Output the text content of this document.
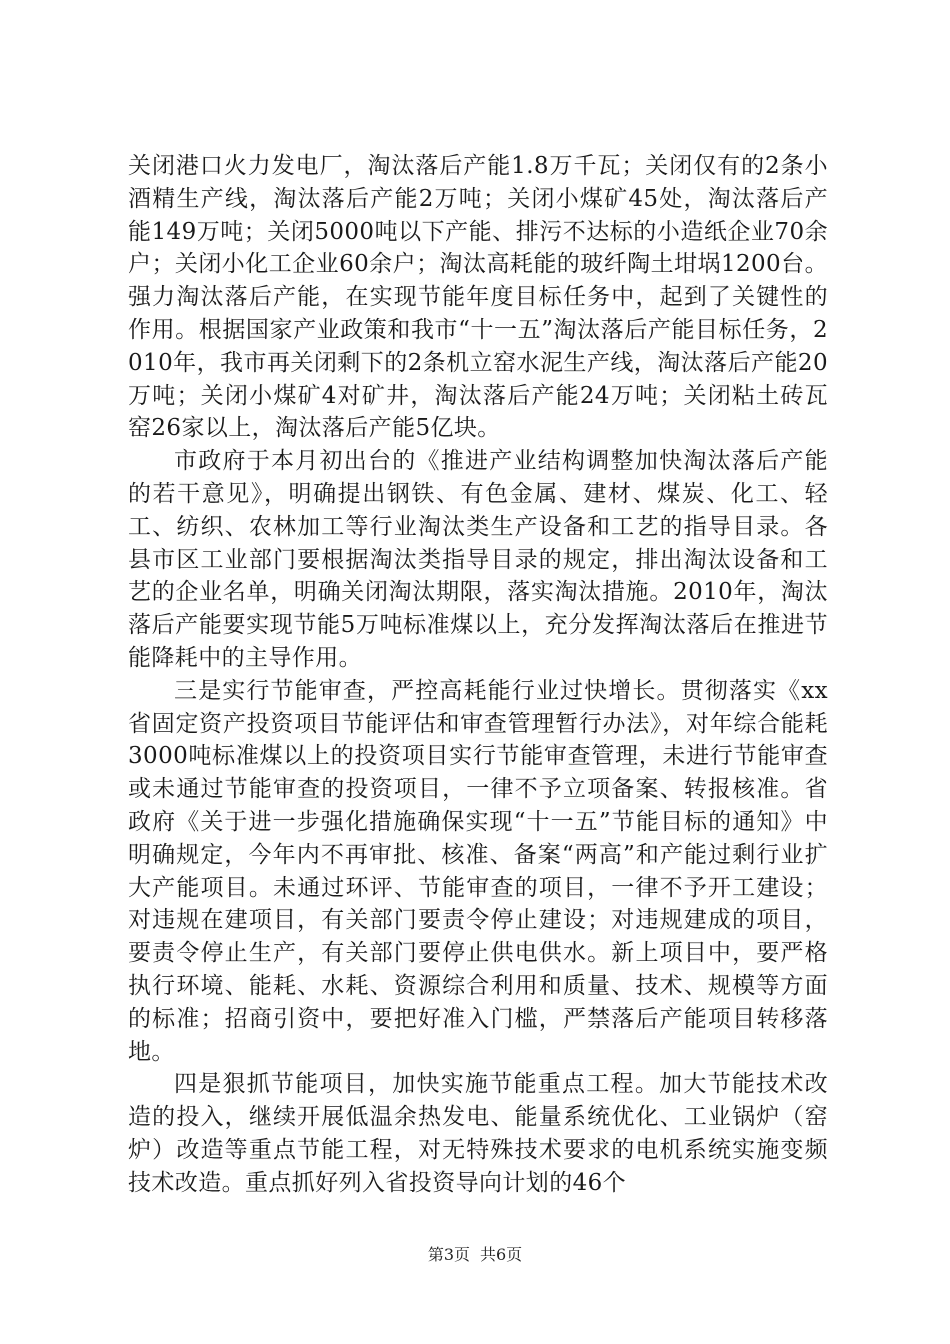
关闭港口火力发电厂，淘汰落后产能1.8万千瓦；关闭仅有的2条小酒精生产线，淘汰落后产能2万吨；关闭小煤矿45处，淘汰落后产能149万吨；关闭5000吨以下产能、排污不达标的小造纸企业70余户；关闭小化工企业60余户；淘汰高耗能的玻纤陶土坩埚1200台。强力淘汰落后产能，在实现节能年度目标任务中，起到了关键性的作用。根据国家产业政策和我市“十一五”淘汰落后产能目标任务，2010年，我市再关闭剩下的2条机立窑水泥生产线，淘汰落后产能20万吨；关闭小煤矿4对矿井，淘汰落后产能24万吨；关闭粘土砖瓦窑26家以上，淘汰落后产能5亿块。

市政府于本月初出台的《推进产业结构调整加快淘汰落后产能的若干意见》，明确提出钢铁、有色金属、建材、煤炭、化工、轻工、纺织、农林加工等行业淘汰类生产设备和工艺的指导目录。各县市区工业部门要根据淘汰类指导目录的规定，排出淘汰设备和工艺的企业名单，明确关闭淘汰期限，落实淘汰措施。2010年，淘汰落后产能要实现节能5万吨标准煤以上，充分发挥淘汰落后在推进节能降耗中的主导作用。

三是实行节能审查，严控高耗能行业过快增长。贯彻落实《xx省固定资产投资项目节能评估和审查管理暂行办法》，对年综合能耗3000吨标准煤以上的投资项目实行节能审查管理，未进行节能审查或未通过节能审查的投资项目，一律不予立项备案、转报核准。省政府《关于进一步强化措施确保实现“十一五”节能目标的通知》中明确规定，今年内不再审批、核准、备案“两高”和产能过剩行业扩大产能项目。未通过环评、节能审查的项目，一律不予开工建设；对违规在建项目，有关部门要责令停止建设；对违规建成的项目，要责令停止生产，有关部门要停止供电供水。新上项目中，要严格执行环境、能耗、水耗、资源综合利用和质量、技术、规模等方面的标准；招商引资中，要把好准入门槛，严禁落后产能项目转移落地。

四是狠抓节能项目，加快实施节能重点工程。加大节能技术改造的投入，继续开展低温余热发电、能量系统优化、工业锅炉（窑炉）改造等重点节能工程，对无特殊技术要求的电机系统实施变频技术改造。重点抓好列入省投资导向计划的46个

第3页 共6页
